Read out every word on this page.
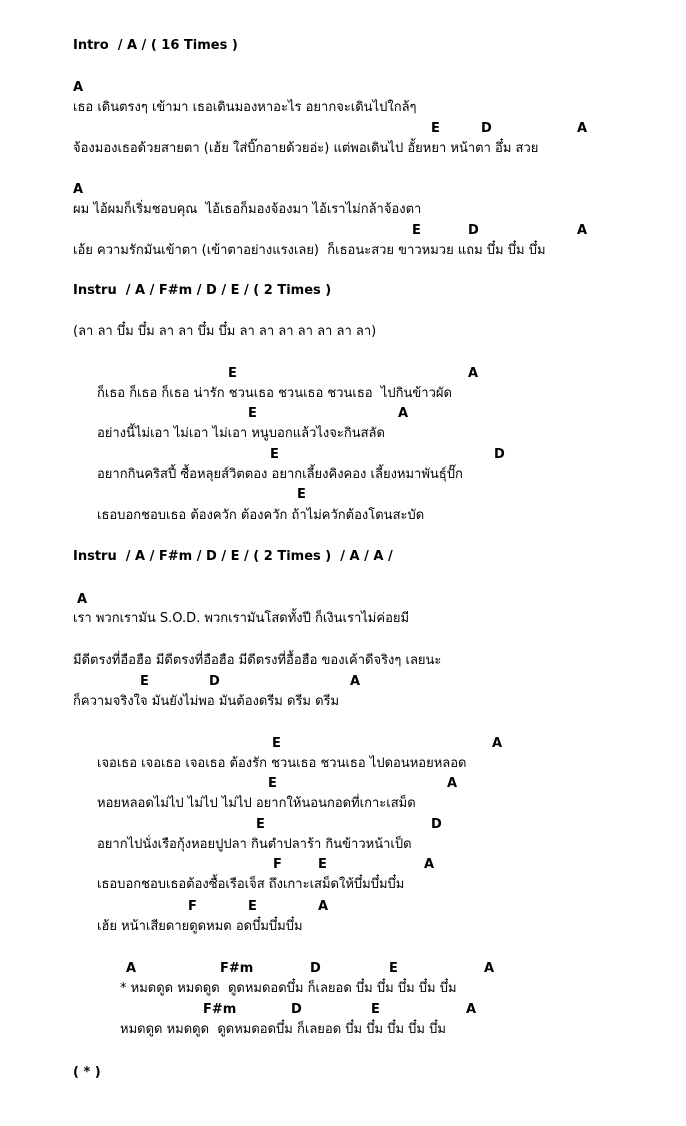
Intro  / A / ( 16 Times )
A
เธอ เดินตรงๆ เข้ามา เธอเดินมองหาอะไร อยากจะเดินไปใกล้ๆ
E	D	A
จ้องมองเธอด้วยสายตา (เฮ้ย ใส่บิ๊กอายด้วยอ่ะ) แต่พอเดินไป อั้ยหยา หน้าตา อึ๋ม สวย
A
ผม ไอ้ผมก็เริ่มชอบคุณ  ไอ้เธอก็มองจ้องมา ไอ้เราไม่กล้าจ้องตา
E	D	A
เอ้ย ความรักมันเข้าตา (เข้าตาอย่างแรงเลย)  ก็เธอนะสวย ขาวหมวย แถม บึ๋ม บึ๋ม บึ๋ม
Instru  / A / F#m / D / E / ( 2 Times )
(ลา ลา บึ๋ม บึ๋ม ลา ลา บึ๋ม บึ๋ม ลา ลา ลา ลา ลา ลา ลา)
E	A
ก็เธอ ก็เธอ ก็เธอ น่ารัก ชวนเธอ ชวนเธอ ชวนเธอ  ไปกินข้าวผัด
E	A
อย่างนี้ไม่เอา ไม่เอา ไม่เอา หนูบอกแล้วไงจะกินสลัด
E	D
อยากกินคริสปี้ ซื้อหลุยส์วิตตอง อยากเลี้ยงคิงคอง เลี้ยงหมาพันธุ์ปั๊ก
E
เธอบอกชอบเธอ ต้องควัก ต้องควัก ถ้าไม่ควักต้องโดนสะบัด
Instru  / A / F#m / D / E / ( 2 Times )  / A / A /
A
เรา พวกเรามัน S.O.D. พวกเรามันโสดทั้งปี ก็เงินเราไม่ค่อยมี
มีดีตรงที่อือฮือ มีดีตรงที่อือฮือ มีดีตรงที่อื้อฮือ ของเค้าดีจริงๆ เลยนะ
E	D	A
ก็ความจริงใจ มันยังไม่พอ มันต้องดรีม ดรีม ดรีม
E	A
เจอเธอ เจอเธอ เจอเธอ ต้องรัก ชวนเธอ ชวนเธอ ไปดอนหอยหลอด
E	A
หอยหลอดไม่ไป ไม่ไป ไม่ไป อยากให้นอนกอดที่เกาะเสม็ด
E	D
อยากไปนั่งเรือกุ้งหอยปูปลา กินตำปลาร้า กินข้าวหน้าเป็ด
F	E	A
เธอบอกชอบเธอต้องซื้อเรือเจ็ส ถึงเกาะเสม็ดให้บึ๋มบึ๋มบึ๋ม
F	E	A
เฮ้ย หน้าเสียดายดูดหมด อดบึ๋มบึ๋มบึ๋ม
A	F#m	D	E	A
* หมดดูด หมดดูด  ดูดหมดอดบึ๋ม ก็เลยอด บึ๋ม บึ๋ม บึ๋ม บึ๋ม บึ๋ม
F#m	D	E	A
หมดดูด หมดดูด  ดูดหมดอดบึ๋ม ก็เลยอด บึ๋ม บึ๋ม บึ๋ม บึ๋ม บึ๋ม
( * )
